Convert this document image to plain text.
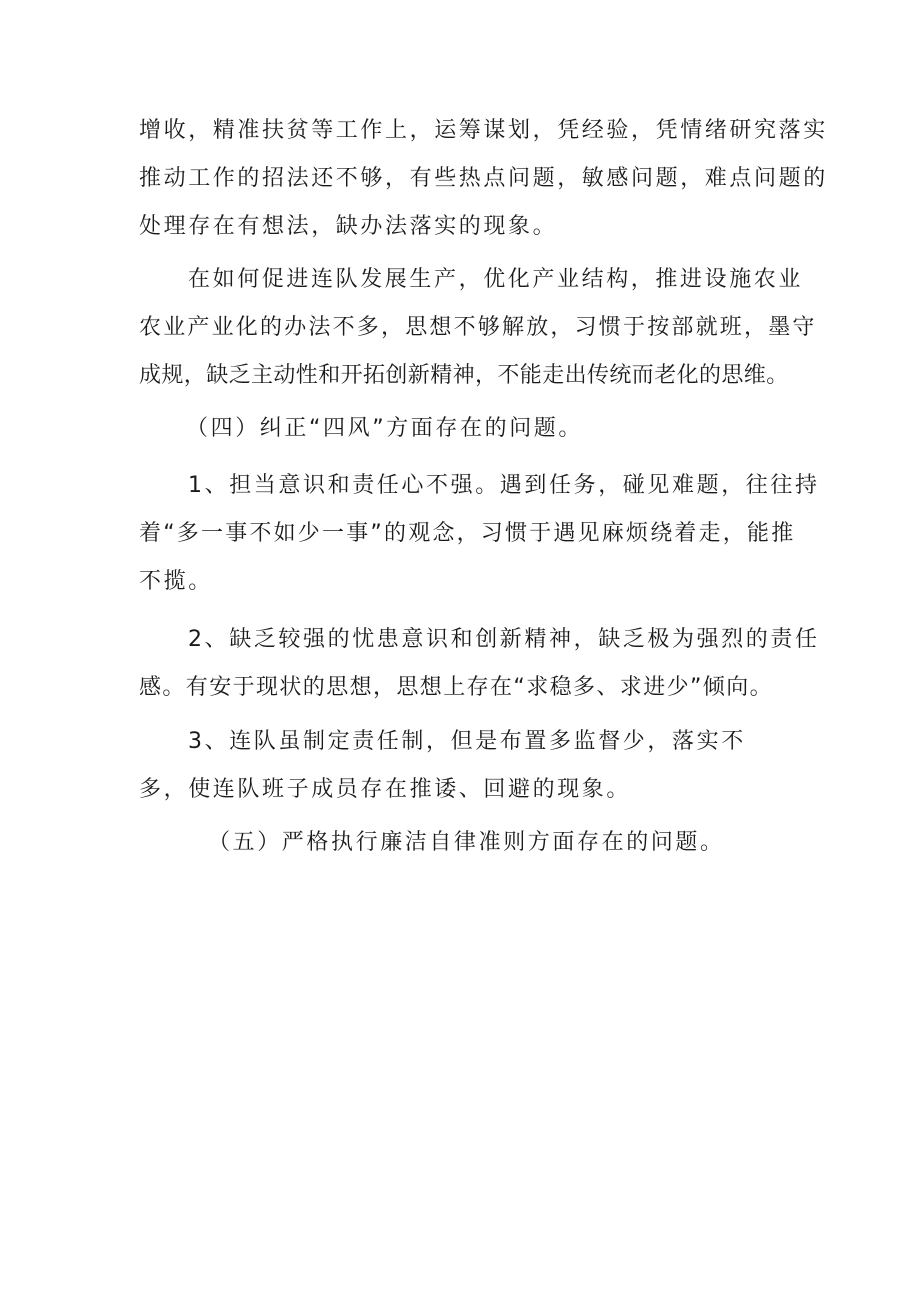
增收，精准扶贫等工作上，运筹谋划，凭经验，凭情绪研究落实
推动工作的招法还不够，有些热点问题，敏感问题，难点问题的
处理存在有想法，缺办法落实的现象。
在如何促进连队发展生产，优化产业结构，推进设施农业
农业产业化的办法不多，思想不够解放，习惯于按部就班，墨守
成规，缺乏主动性和开拓创新精神，不能走出传统而老化的思维。
（四）纠正“四风”方面存在的问题。
1、担当意识和责任心不强。遇到任务，碰见难题，往往持
着“多一事不如少一事”的观念，习惯于遇见麻烦绕着走，能推
不揽。
2、缺乏较强的忧患意识和创新精神，缺乏极为强烈的责任
感。有安于现状的思想，思想上存在“求稳多、求进少”倾向。
3、连队虽制定责任制，但是布置多监督少，落实不
多，使连队班子成员存在推诿、回避的现象。
（五）严格执行廉洁自律准则方面存在的问题。
